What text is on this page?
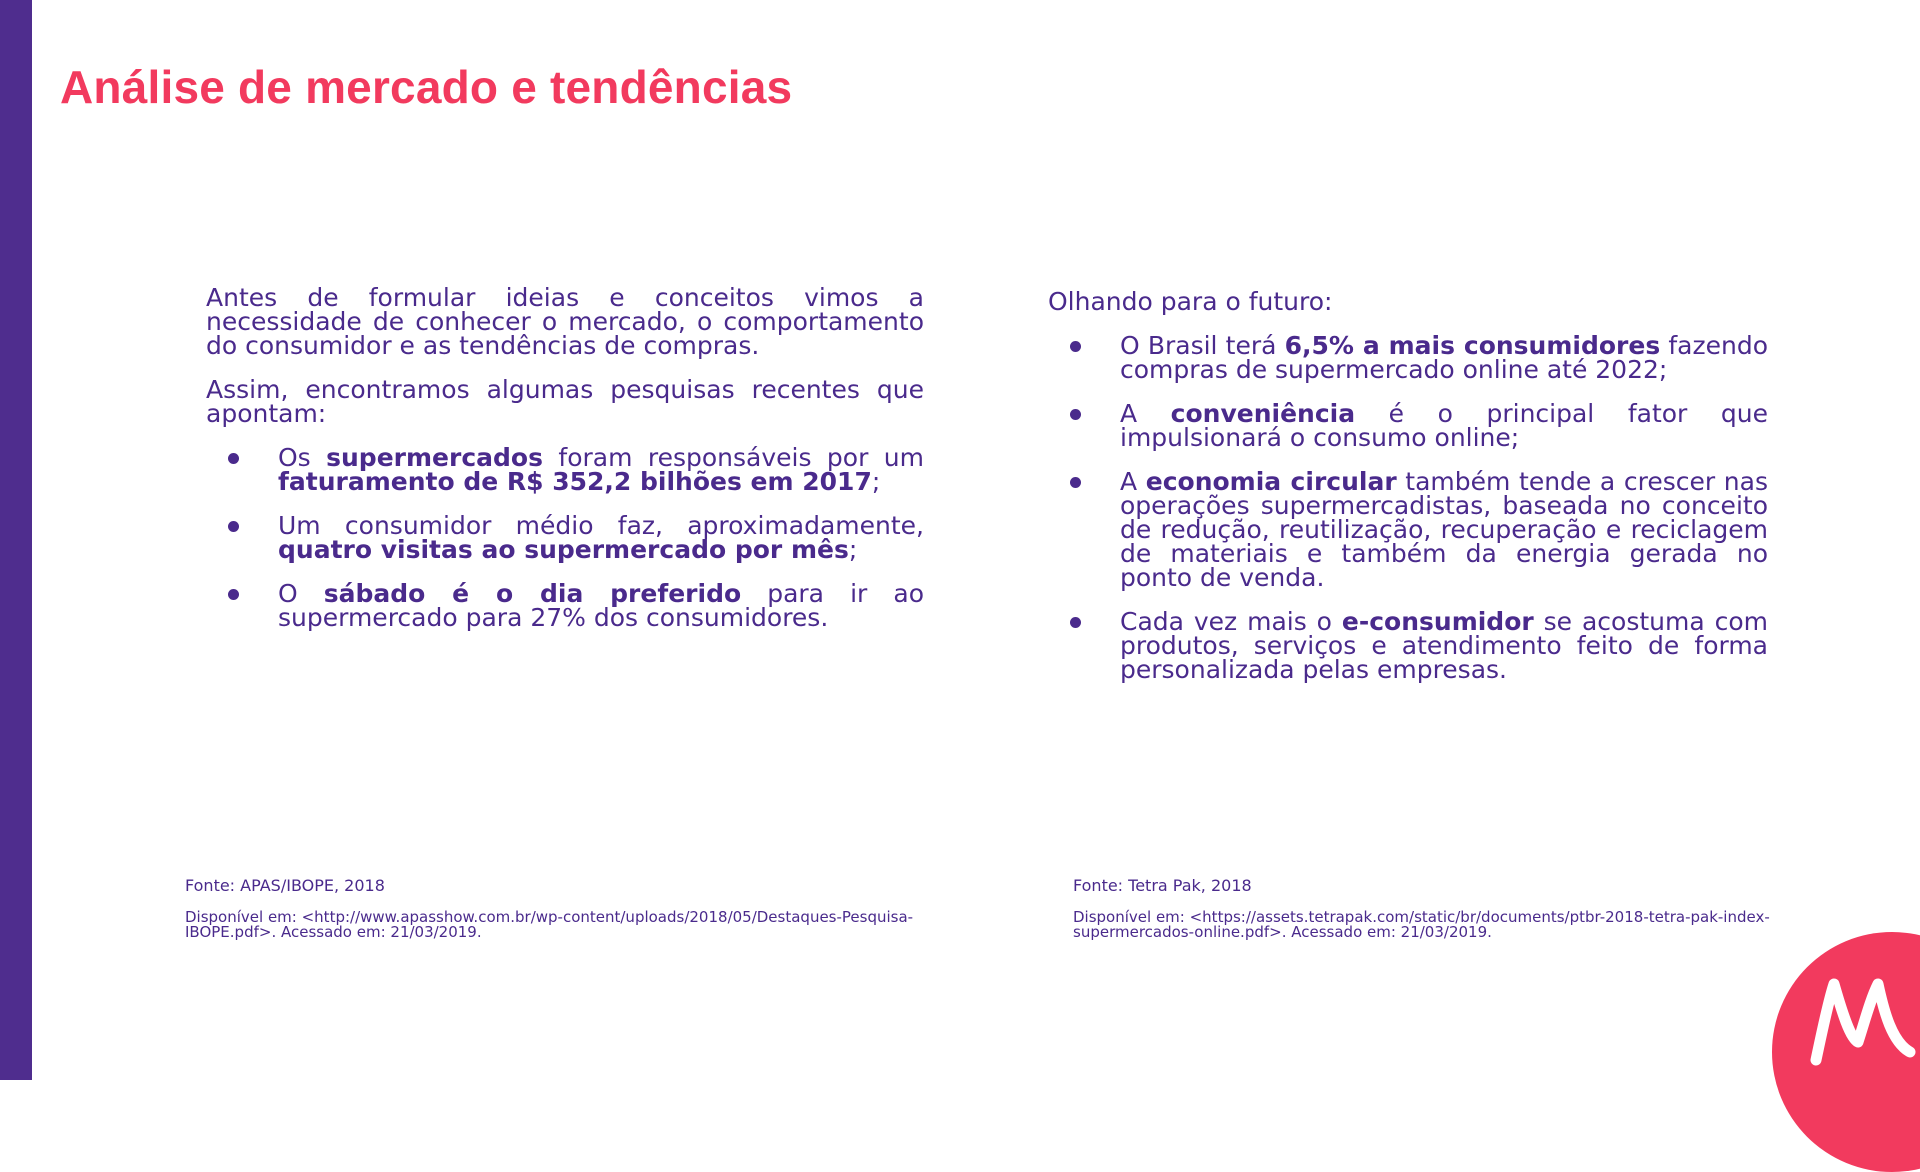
Análise de mercado e tendências

Antes de formular ideias e conceitos vimos a necessidade de conhecer o mercado, o comportamento do consumidor e as tendências de compras.

Assim, encontramos algumas pesquisas recentes que apontam:

Os supermercados foram responsáveis por um faturamento de R$ 352,2 bilhões em 2017;
Um consumidor médio faz, aproximadamente, quatro visitas ao supermercado por mês;
O sábado é o dia preferido para ir ao supermercado para 27% dos consumidores.

Olhando para o futuro:

O Brasil terá 6,5% a mais consumidores fazendo compras de supermercado online até 2022;
A conveniência é o principal fator que impulsionará o consumo online;
A economia circular também tende a crescer nas operações supermercadistas, baseada no conceito de redução, reutilização, recuperação e reciclagem de materiais e também da energia gerada no ponto de venda.
Cada vez mais o e-consumidor se acostuma com produtos, serviços e atendimento feito de forma personalizada pelas empresas.

Fonte: APAS/IBOPE, 2018

Disponível em: <http://www.apasshow.com.br/wp-content/uploads/2018/05/Destaques-Pesquisa-IBOPE.pdf>. Acessado em: 21/03/2019.

Fonte: Tetra Pak, 2018

Disponível em: <https://assets.tetrapak.com/static/br/documents/ptbr-2018-tetra-pak-index-supermercados-online.pdf>. Acessado em: 21/03/2019.
